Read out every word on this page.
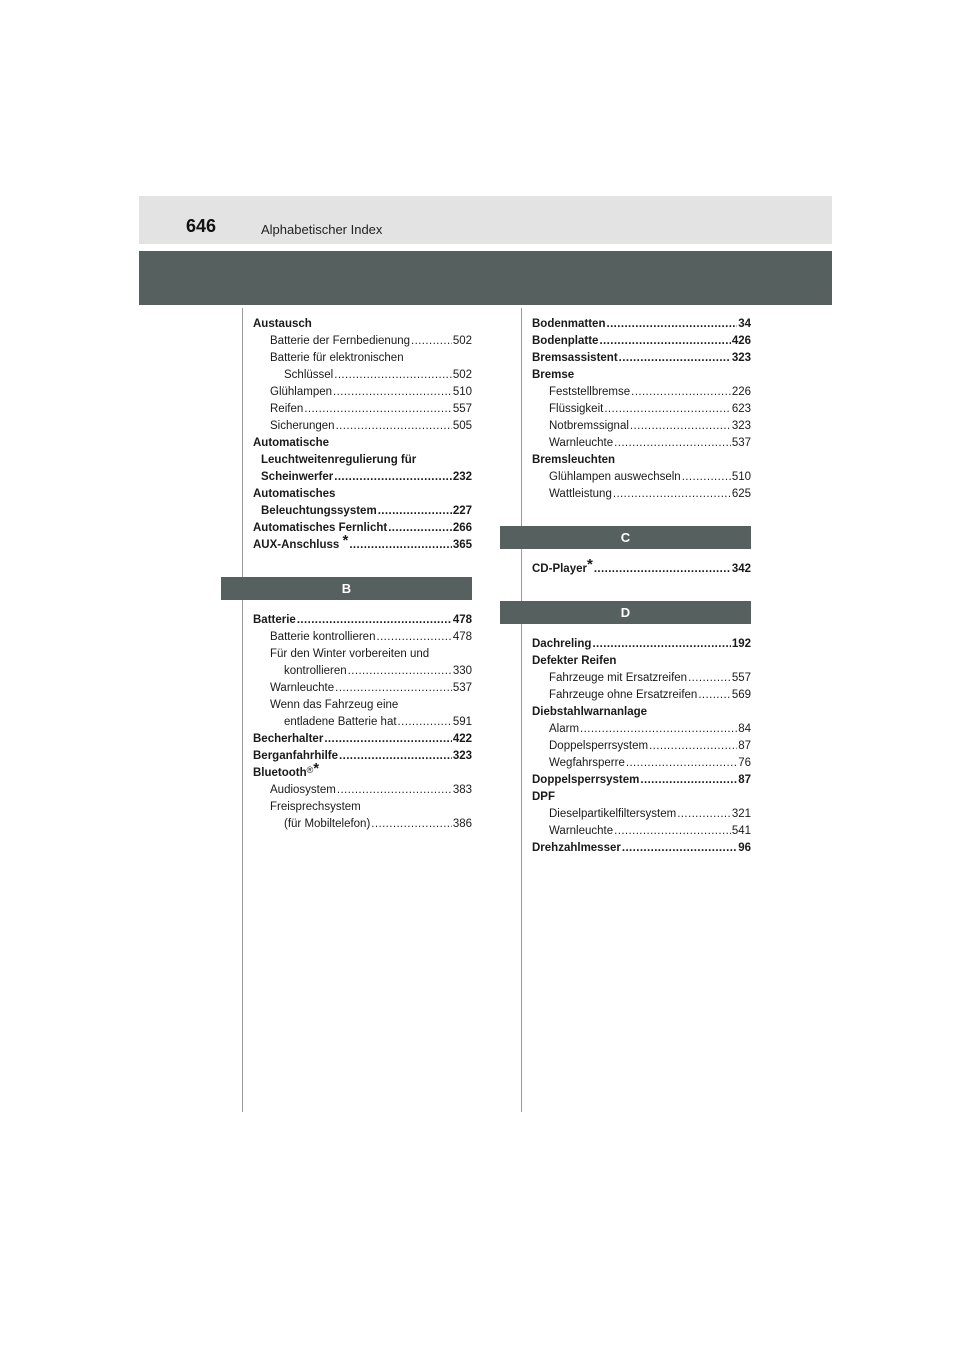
646	Alphabetischer Index
Austausch
Batterie der Fernbedienung .....	502
Batterie für elektronischen
Schlüssel .....	502
Glühlampen .....	510
Reifen .....	557
Sicherungen .....	505
Automatische
Leuchtweitenregulierung für
Scheinwerfer .....	232
Automatisches
Beleuchtungssystem .....	227
Automatisches Fernlicht .....	266
AUX-Anschluss * .....	365
B
Batterie .....	478
Batterie kontrollieren .....	478
Für den Winter vorbereiten und
kontrollieren .....	330
Warnleuchte .....	537
Wenn das Fahrzeug eine
entladene Batterie hat .....	591
Becherhalter .....	422
Berganfahrhilfe .....	323
Bluetooth®*
Audiosystem .....	383
Freisprechsystem
(für Mobiltelefon) .....	386
Bodenmatten .....	34
Bodenplatte .....	426
Bremsassistent .....	323
Bremse
Feststellbremse .....	226
Flüssigkeit .....	623
Notbremssignal .....	323
Warnleuchte .....	537
Bremsleuchten
Glühlampen auswechseln .....	510
Wattleistung .....	625
C
CD-Player* .....	342
D
Dachreling .....	192
Defekter Reifen
Fahrzeuge mit Ersatzreifen .....	557
Fahrzeuge ohne Ersatzreifen .....	569
Diebstahlwarnanlage
Alarm .....	84
Doppelsperrsystem .....	87
Wegfahrsperre .....	76
Doppelsperrsystem .....	87
DPF
Dieselpartikelfiltersystem .....	321
Warnleuchte .....	541
Drehzahlmesser .....	96
